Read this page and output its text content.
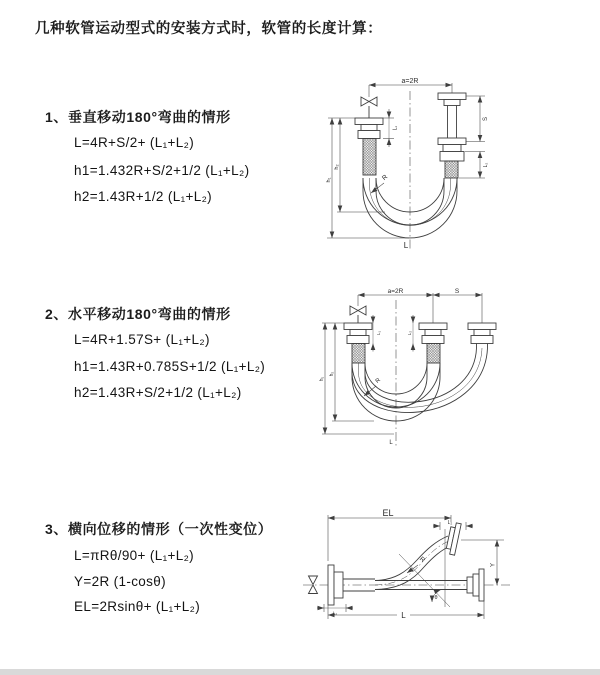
几种软管运动型式的安装方式时，软管的长度计算：
1、垂直移动180°弯曲的情形
L=4R+S/2+ (L₁+L₂)
h1=1.432R+S/2+1/2 (L₁+L₂)
h2=1.43R+1/2 (L₁+L₂)
2、水平移动180°弯曲的情形
L=4R+1.57S+ (L₁+L₂)
h1=1.43R+0.785S+1/2 (L₁+L₂)
h2=1.43R+S/2+1/2 (L₁+L₂)
3、横向位移的情形（一次性变位）
L=πRθ/90+ (L₁+L₂)
Y=2R (1-cosθ)
EL=2Rsinθ+ (L₁+L₂)
a=2R
L₁
S
L₂
h₁
h₂
R
L
a=2R	S
L₁	L₂
h₁
h₂
R
L
EL
L₂
Y
R
θ
L
L₁
